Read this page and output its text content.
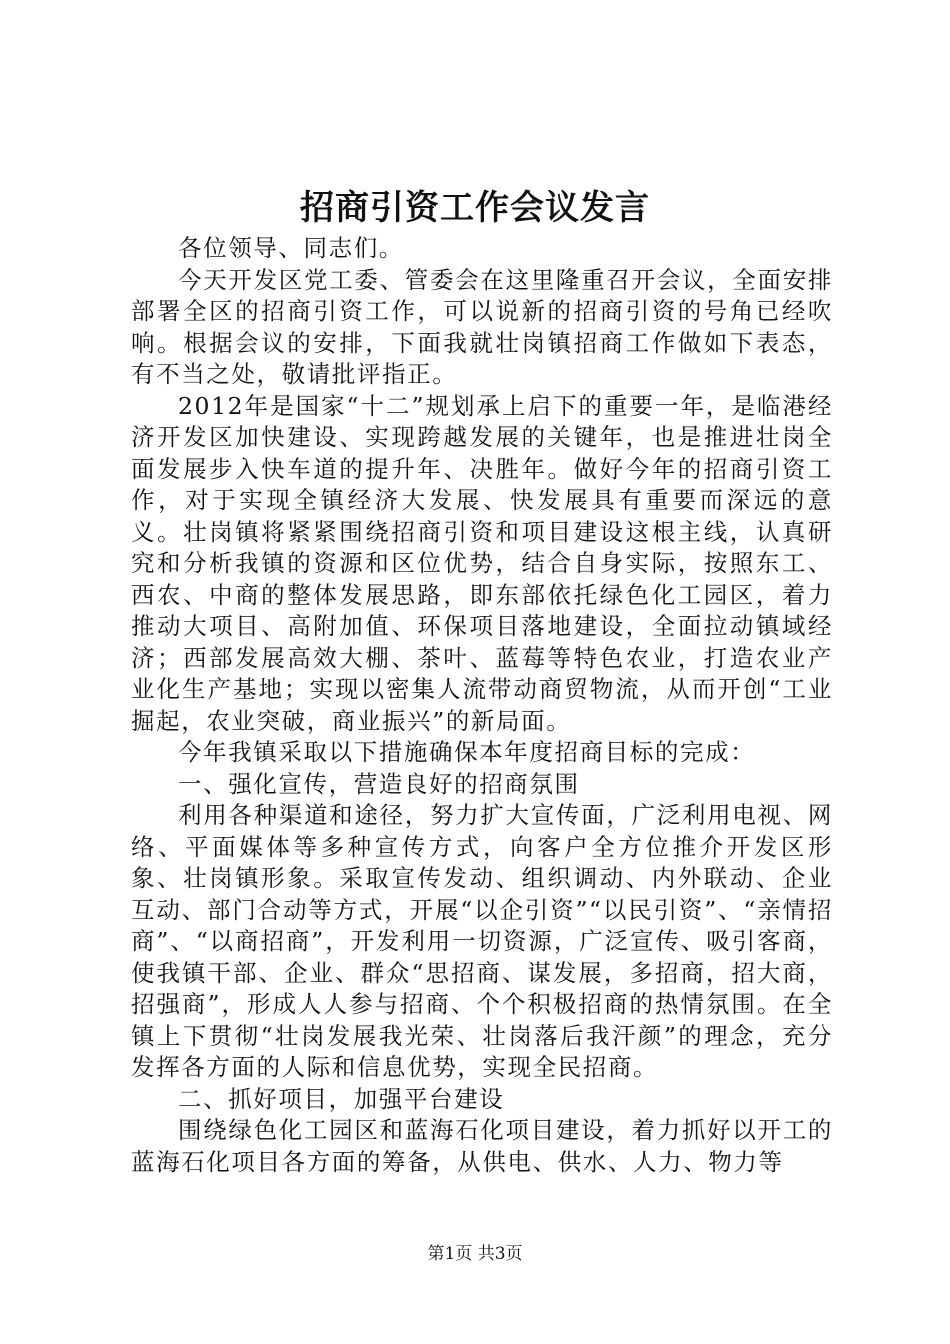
招商引资工作会议发言

各位领导、同志们。

今天开发区党工委、管委会在这里隆重召开会议，全面安排部署全区的招商引资工作，可以说新的招商引资的号角已经吹响。根据会议的安排，下面我就壮岗镇招商工作做如下表态，有不当之处，敬请批评指正。

2012年是国家“十二”规划承上启下的重要一年，是临港经济开发区加快建设、实现跨越发展的关键年，也是推进壮岗全面发展步入快车道的提升年、决胜年。做好今年的招商引资工作，对于实现全镇经济大发展、快发展具有重要而深远的意义。壮岗镇将紧紧围绕招商引资和项目建设这根主线，认真研究和分析我镇的资源和区位优势，结合自身实际，按照东工、西农、中商的整体发展思路，即东部依托绿色化工园区，着力推动大项目、高附加值、环保项目落地建设，全面拉动镇域经济；西部发展高效大棚、茶叶、蓝莓等特色农业，打造农业产业化生产基地；实现以密集人流带动商贸物流，从而开创“工业掘起，农业突破，商业振兴”的新局面。

今年我镇采取以下措施确保本年度招商目标的完成：

一、强化宣传，营造良好的招商氛围

利用各种渠道和途径，努力扩大宣传面，广泛利用电视、网络、平面媒体等多种宣传方式，向客户全方位推介开发区形象、壮岗镇形象。采取宣传发动、组织调动、内外联动、企业互动、部门合动等方式，开展“以企引资”“以民引资”、“亲情招商”、“以商招商”，开发利用一切资源，广泛宣传、吸引客商，使我镇干部、企业、群众“思招商、谋发展，多招商，招大商，招强商”，形成人人参与招商、个个积极招商的热情氛围。在全镇上下贯彻“壮岗发展我光荣、壮岗落后我汗颜”的理念，充分发挥各方面的人际和信息优势，实现全民招商。

二、抓好项目，加强平台建设

围绕绿色化工园区和蓝海石化项目建设，着力抓好以开工的蓝海石化项目各方面的筹备，从供电、供水、人力、物力等

第1页 共3页
